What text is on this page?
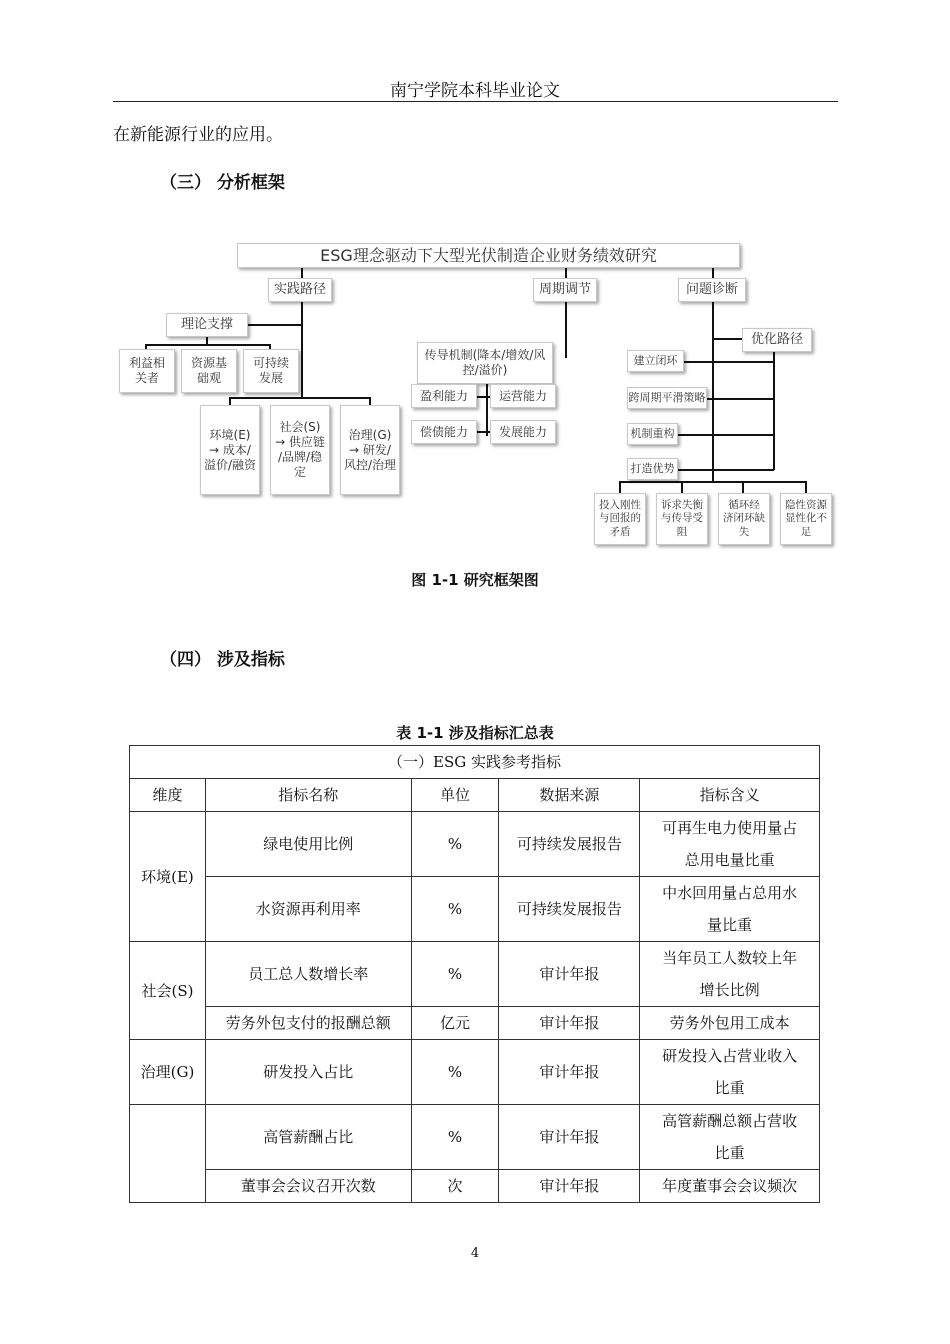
南宁学院本科毕业论文
在新能源行业的应用。
（三） 分析框架
ESG理念驱动下大型光伏制造企业财务绩效研究
实践路径	周期调节	问题诊断
理论支撑
利益相
关者
资源基
础观
可持续
发展
环境(E)
→ 成本/
溢价/融资
社会(S)
→ 供应链
/品牌/稳
定
治理(G)
→ 研发/
风控/治理
传导机制(降本/增效/风
控/溢价)
盈利能力	运营能力
偿债能力	发展能力
优化路径
建立闭环
跨周期平滑策略
机制重构
打造优势
投入刚性
与回报的
矛盾
诉求失衡
与传导受
阻
循环经
济闭环缺
失
隐性资源
显性化不
足
图 1-1 研究框架图
（四） 涉及指标
表 1-1 涉及指标汇总表
（一）ESG 实践参考指标				
维度	指标名称	单位	数据来源	指标含义
环境(E)	绿电使用比例	%	可持续发展报告	可再生电力使用量占
总用电量比重
	水资源再利用率	%	可持续发展报告	中水回用量占总用水
量比重
社会(S)	员工总人数增长率	%	审计年报	当年员工人数较上年
增长比例
	劳务外包支付的报酬总额	亿元	审计年报	劳务外包用工成本
治理(G)	研发投入占比	%	审计年报	研发投入占营业收入
比重
	高管薪酬占比	%	审计年报	高管薪酬总额占营收
比重
	董事会会议召开次数	次	审计年报	年度董事会会议频次
4
